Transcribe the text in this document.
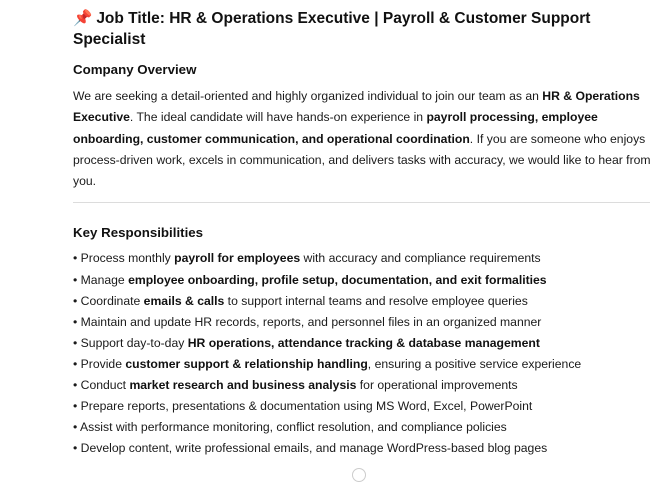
📌 Job Title: HR & Operations Executive | Payroll & Customer Support Specialist
Company Overview

We are seeking a detail-oriented and highly organized individual to join our team as an HR & Operations Executive. The ideal candidate will have hands-on experience in payroll processing, employee onboarding, customer communication, and operational coordination. If you are someone who enjoys process-driven work, excels in communication, and delivers tasks with accuracy, we would like to hear from you.

Key Responsibilities
• Process monthly payroll for employees with accuracy and compliance requirements
• Manage employee onboarding, profile setup, documentation, and exit formalities
• Coordinate emails & calls to support internal teams and resolve employee queries
• Maintain and update HR records, reports, and personnel files in an organized manner
• Support day-to-day HR operations, attendance tracking & database management
• Provide customer support & relationship handling, ensuring a positive service experience
• Conduct market research and business analysis for operational improvements
• Prepare reports, presentations & documentation using MS Word, Excel, PowerPoint
• Assist with performance monitoring, conflict resolution, and compliance policies
• Develop content, write professional emails, and manage WordPress-based blog pages
